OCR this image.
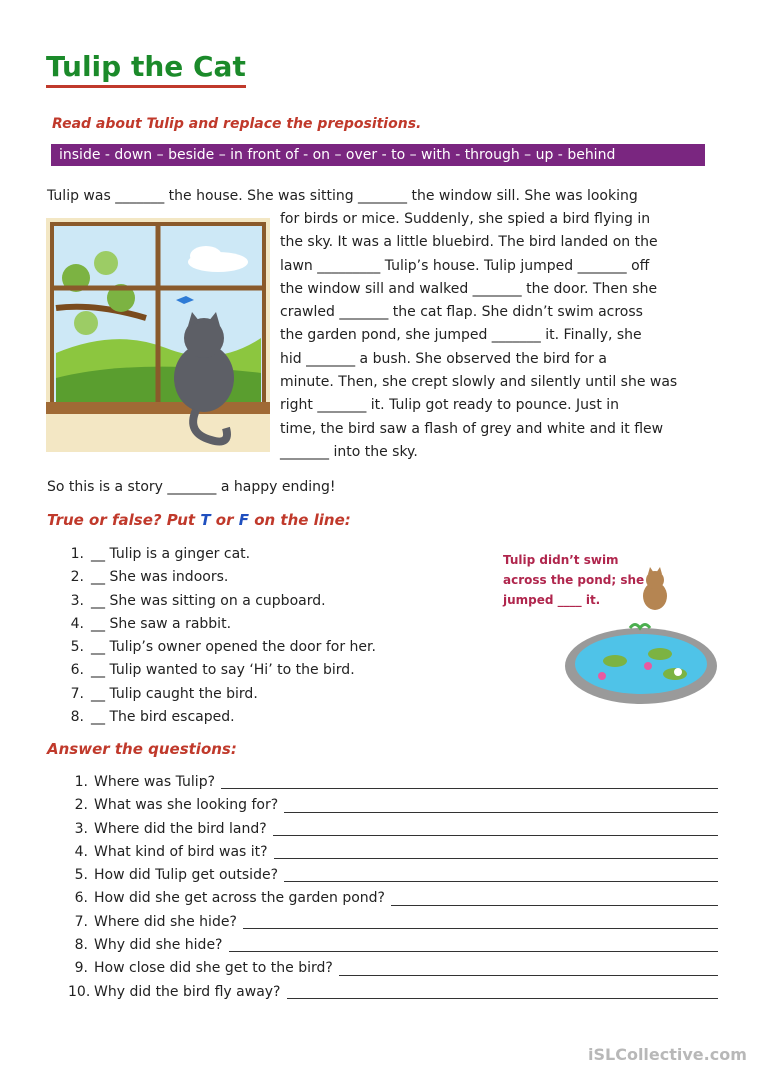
Tulip the Cat
Read about Tulip and replace the prepositions.
inside - down – beside – in front of - on – over - to – with - through – up - behind
Tulip was _______ the house. She was sitting _______ the window sill. She was looking
for birds or mice. Suddenly, she spied a bird flying in
the sky. It was a little bluebird. The bird landed on the
lawn _________ Tulip’s house. Tulip jumped _______ off
the window sill and walked _______ the door. Then she
crawled _______ the cat flap. She didn’t swim across
the garden pond, she jumped _______ it. Finally, she
hid _______ a bush. She observed the bird for a
minute. Then, she crept slowly and silently until she was
right _______ it. Tulip got ready to pounce. Just in
time, the bird saw a flash of grey and white and it flew
_______ into the sky.
So this is a story _______ a happy ending!
True or false? Put T or F on the line:
1. __ Tulip is a ginger cat.
2. __ She was indoors.
3. __ She was sitting on a cupboard.
4. __ She saw a rabbit.
5. __ Tulip’s owner opened the door for her.
6. __ Tulip wanted to say ‘Hi’ to the bird.
7. __ Tulip caught the bird.
8. __ The bird escaped.
Tulip didn’t swim
across the pond; she
jumped ____ it.
Answer the questions:
1. Where was Tulip?
2. What was she looking for?
3. Where did the bird land?
4. What kind of bird was it?
5. How did Tulip get outside?
6. How did she get across the garden pond?
7. Where did she hide?
8. Why did she hide?
9. How close did she get to the bird?
10. Why did the bird fly away?
iSLCollective.com
